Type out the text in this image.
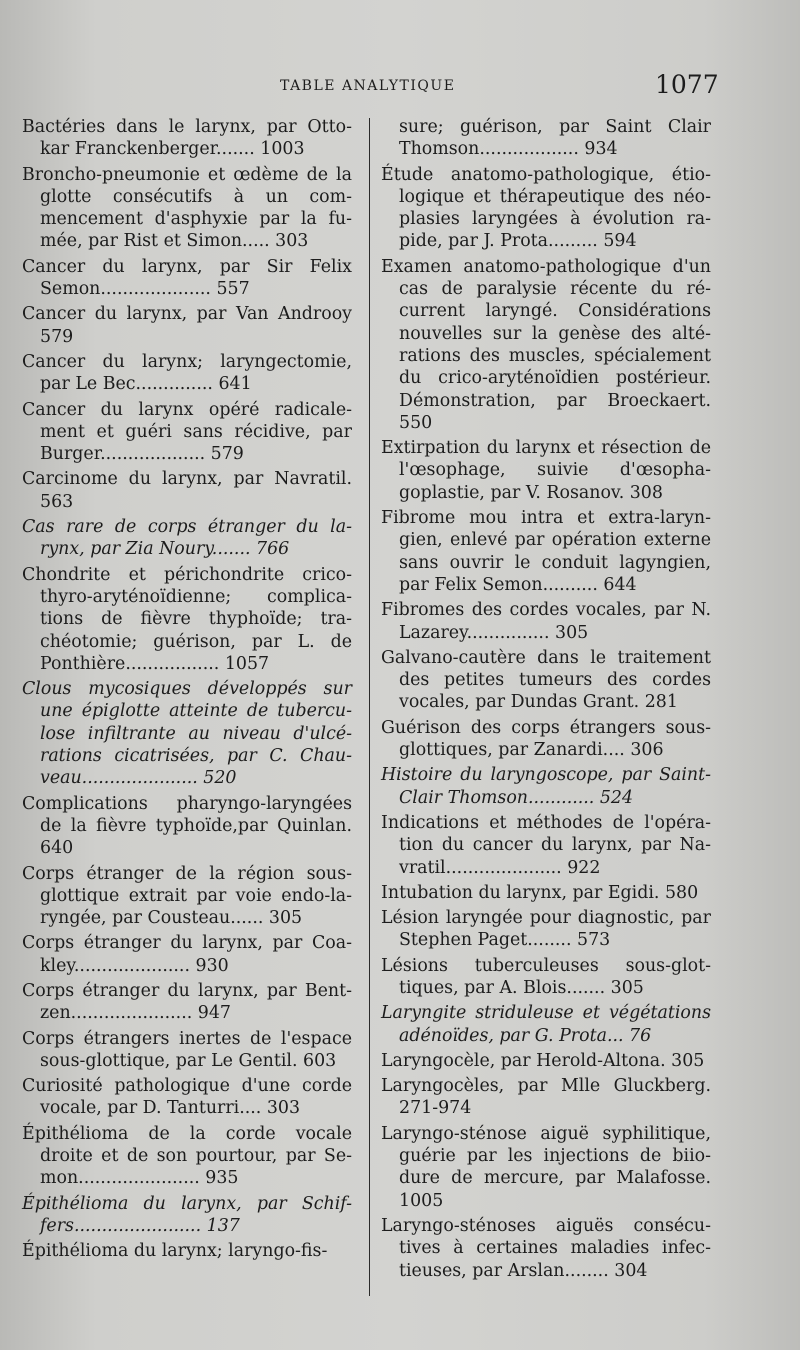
TABLE ANALYTIQUE	1077

Bactéries dans le larynx, par Otto-kar Franckenberger....... 1003

Broncho-pneumonie et œdème de la glotte consécutifs à un com-mencement d'asphyxie par la fu-mée, par Rist et Simon..... 303

Cancer du larynx, par Sir Felix Semon.................... 557

Cancer du larynx, par Van Androoy 579

Cancer du larynx; laryngectomie, par Le Bec.............. 641

Cancer du larynx opéré radicale-ment et guéri sans récidive, par Burger................... 579

Carcinome du larynx, par Navratil. 563

Cas rare de corps étranger du la-rynx, par Zia Noury....... 766

Chondrite et périchondrite crico-thyro-aryténoïdienne; complica-tions de fièvre thyphoïde; tra-chéotomie; guérison, par L. de Ponthière................. 1057

Clous mycosiques développés sur une épiglotte atteinte de tubercu-lose infiltrante au niveau d'ulcé-rations cicatrisées, par C. Chau-veau..................... 520

Complications pharyngo-laryngées de la fièvre typhoïde,par Quinlan. 640

Corps étranger de la région sous-glottique extrait par voie endo-la-ryngée, par Cousteau...... 305

Corps étranger du larynx, par Coa-kley..................... 930

Corps étranger du larynx, par Bent-zen...................... 947

Corps étrangers inertes de l'espace sous-glottique, par Le Gentil. 603

Curiosité pathologique d'une corde vocale, par D. Tanturri.... 303

Épithélioma de la corde vocale droite et de son pourtour, par Se-mon...................... 935

Épithélioma du larynx, par Schif-fers....................... 137

Épithélioma du larynx; laryngo-fis-

sure; guérison, par Saint Clair Thomson.................. 934

Étude anatomo-pathologique, étio-logique et thérapeutique des néo-plasies laryngées à évolution ra-pide, par J. Prota......... 594

Examen anatomo-pathologique d'un cas de paralysie récente du ré-current laryngé. Considérations nouvelles sur la genèse des alté-rations des muscles, spécialement du crico-aryténoïdien postérieur. Démonstration, par Broeckaert. 550

Extirpation du larynx et résection de l'œsophage, suivie d'œsopha-goplastie, par V. Rosanov. 308

Fibrome mou intra et extra-laryn-gien, enlevé par opération externe sans ouvrir le conduit lagyngien, par Felix Semon.......... 644

Fibromes des cordes vocales, par N. Lazarey............... 305

Galvano-cautère dans le traitement des petites tumeurs des cordes vocales, par Dundas Grant. 281

Guérison des corps étrangers sous-glottiques, par Zanardi.... 306

Histoire du laryngoscope, par Saint-Clair Thomson............ 524

Indications et méthodes de l'opéra-tion du cancer du larynx, par Na-vratil..................... 922

Intubation du larynx, par Egidi. 580

Lésion laryngée pour diagnostic, par Stephen Paget........ 573

Lésions tuberculeuses sous-glot-tiques, par A. Blois....... 305

Laryngite striduleuse et végétations adénoïdes, par G. Prota... 76

Laryngocèle, par Herold-Altona. 305

Laryngocèles, par Mlle Gluckberg. 271-974

Laryngo-sténose aiguë syphilitique, guérie par les injections de biio-dure de mercure, par Malafosse. 1005

Laryngo-sténoses aiguës consécu-tives à certaines maladies infec-tieuses, par Arslan........ 304
